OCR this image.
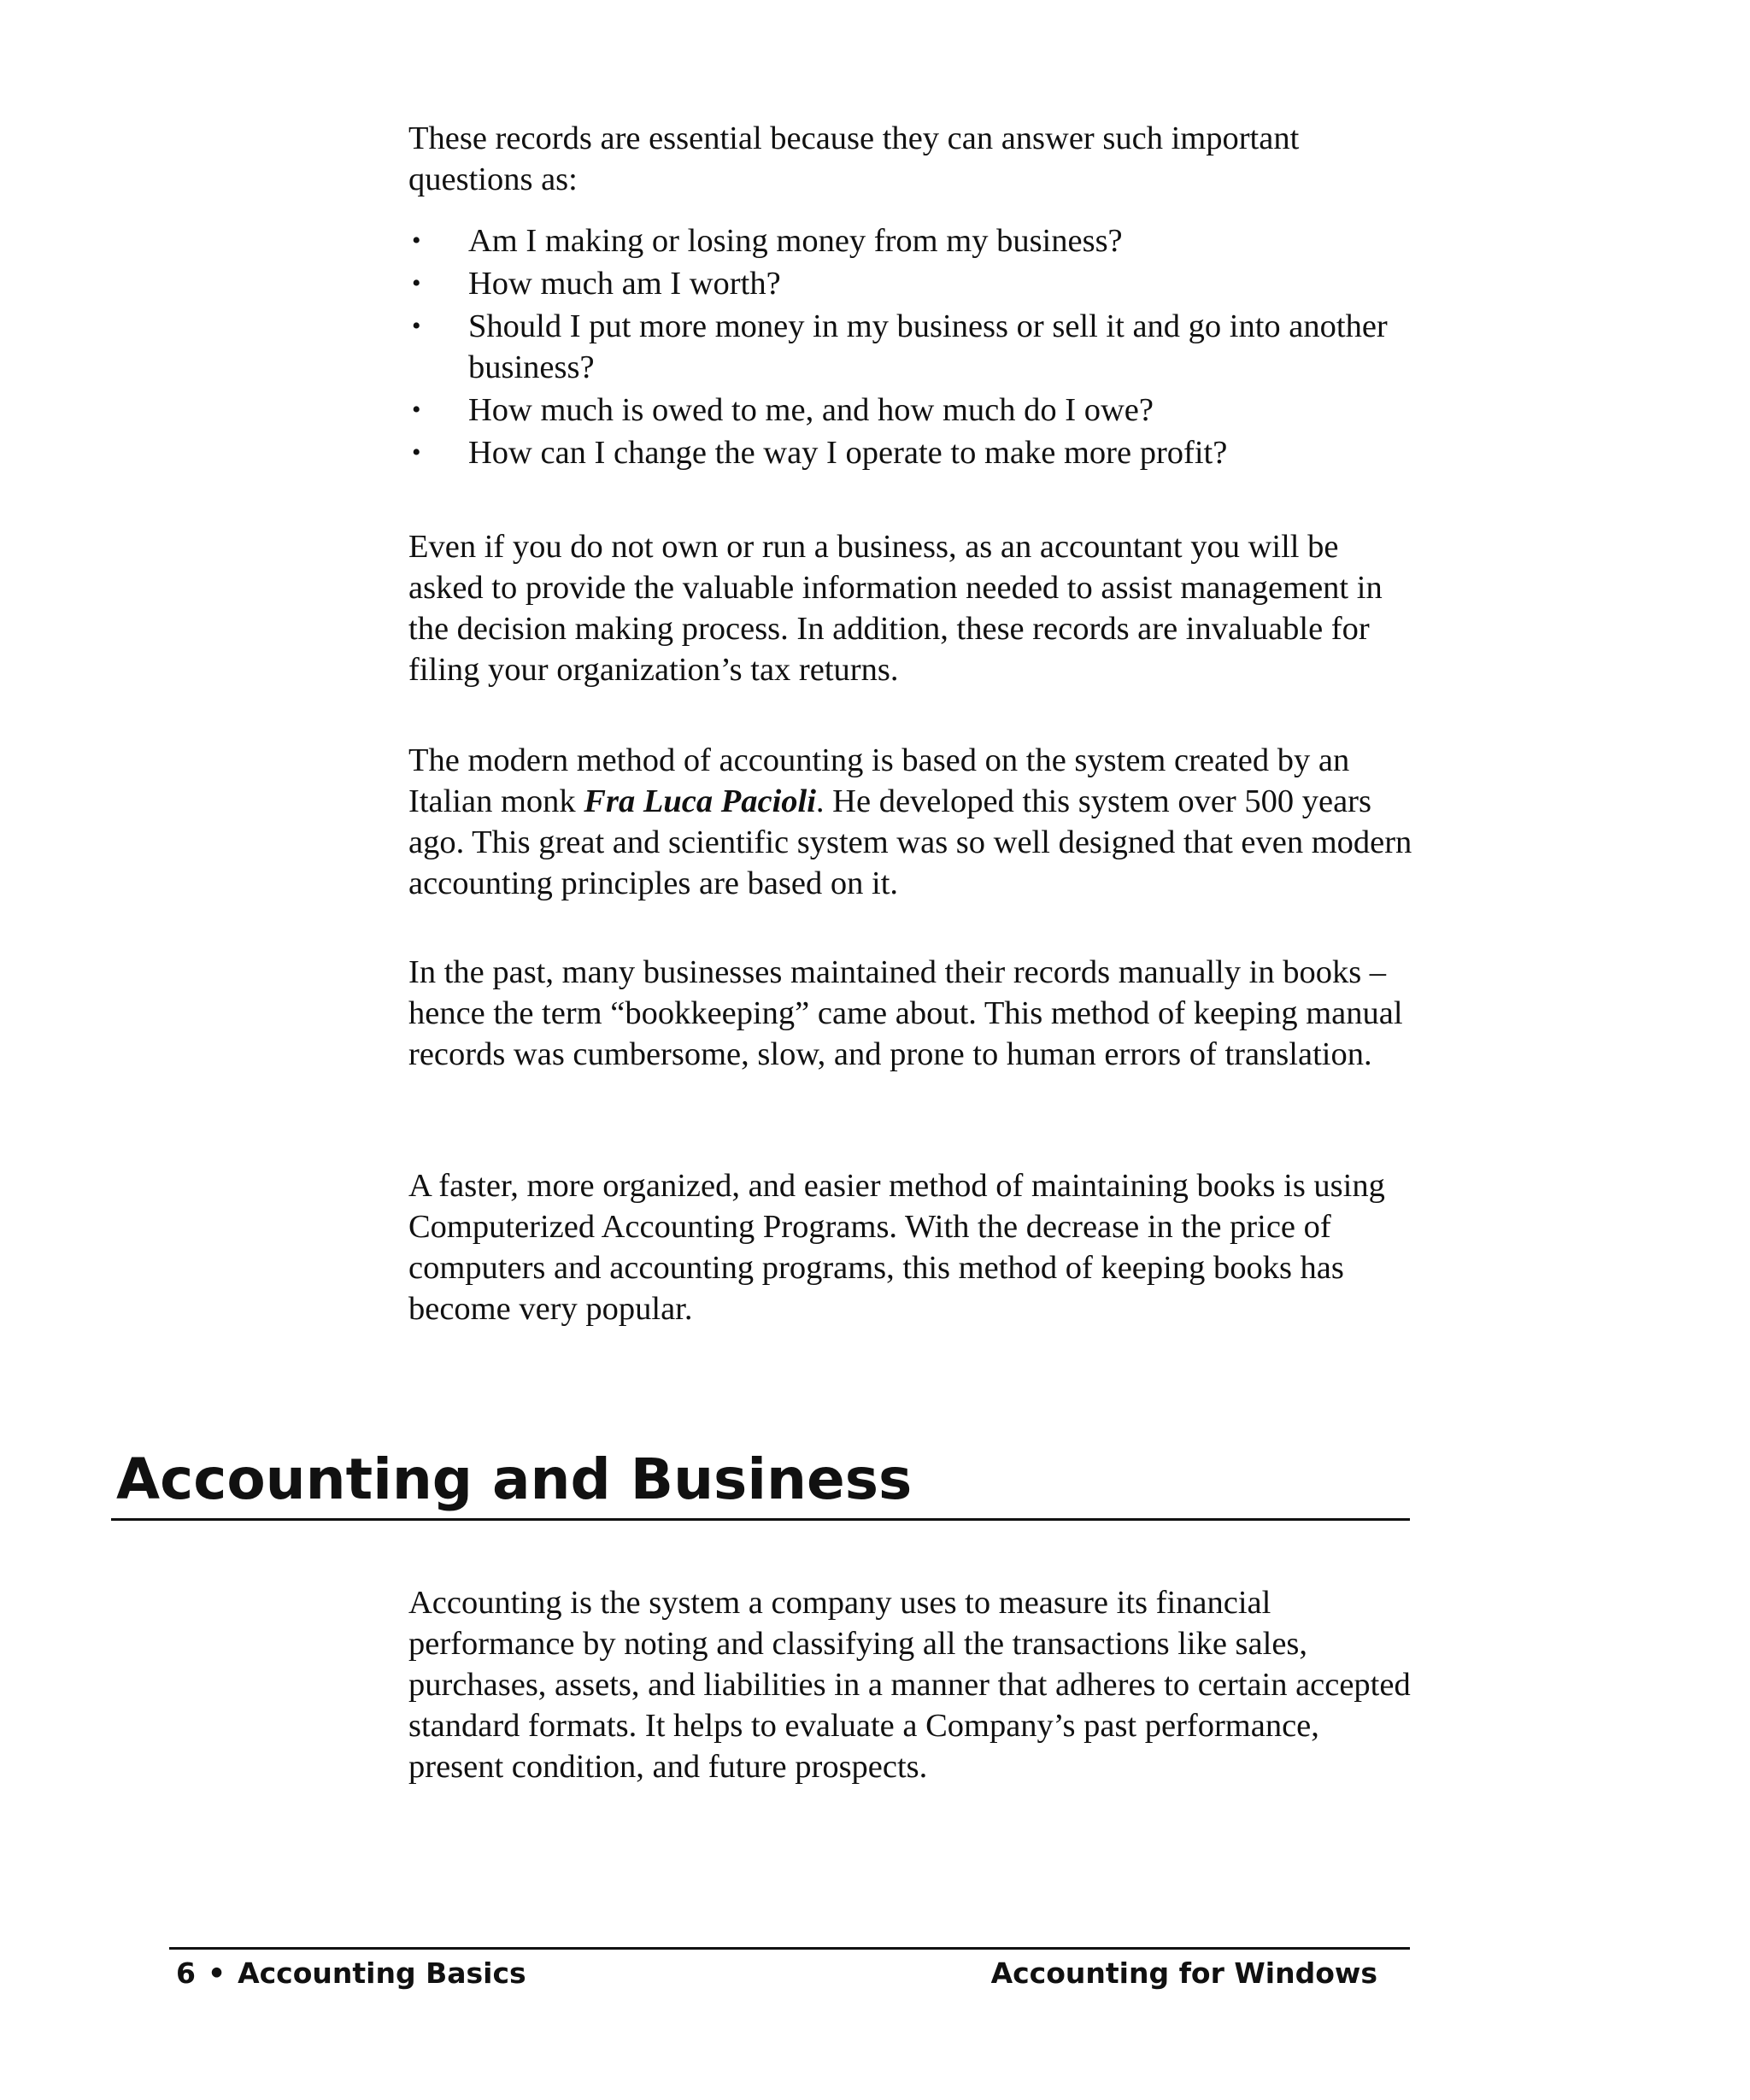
These records are essential because they can answer such important questions as:

• Am I making or losing money from my business?
• How much am I worth?
• Should I put more money in my business or sell it and go into another business?
• How much is owed to me, and how much do I owe?
• How can I change the way I operate to make more profit?

Even if you do not own or run a business, as an accountant you will be asked to provide the valuable information needed to assist management in the decision making process. In addition, these records are invaluable for filing your organization’s tax returns.

The modern method of accounting is based on the system created by an Italian monk Fra Luca Pacioli. He developed this system over 500 years ago. This great and scientific system was so well designed that even modern accounting principles are based on it.

In the past, many businesses maintained their records manually in books – hence the term “bookkeeping” came about. This method of keeping manual records was cumbersome, slow, and prone to human errors of translation.

A faster, more organized, and easier method of maintaining books is using Computerized Accounting Programs. With the decrease in the price of computers and accounting programs, this method of keeping books has become very popular.

Accounting and Business

Accounting is the system a company uses to measure its financial performance by noting and classifying all the transactions like sales, purchases, assets, and liabilities in a manner that adheres to certain accepted standard formats. It helps to evaluate a Company’s past performance, present condition, and future prospects.

6 • Accounting Basics	Accounting for Windows
